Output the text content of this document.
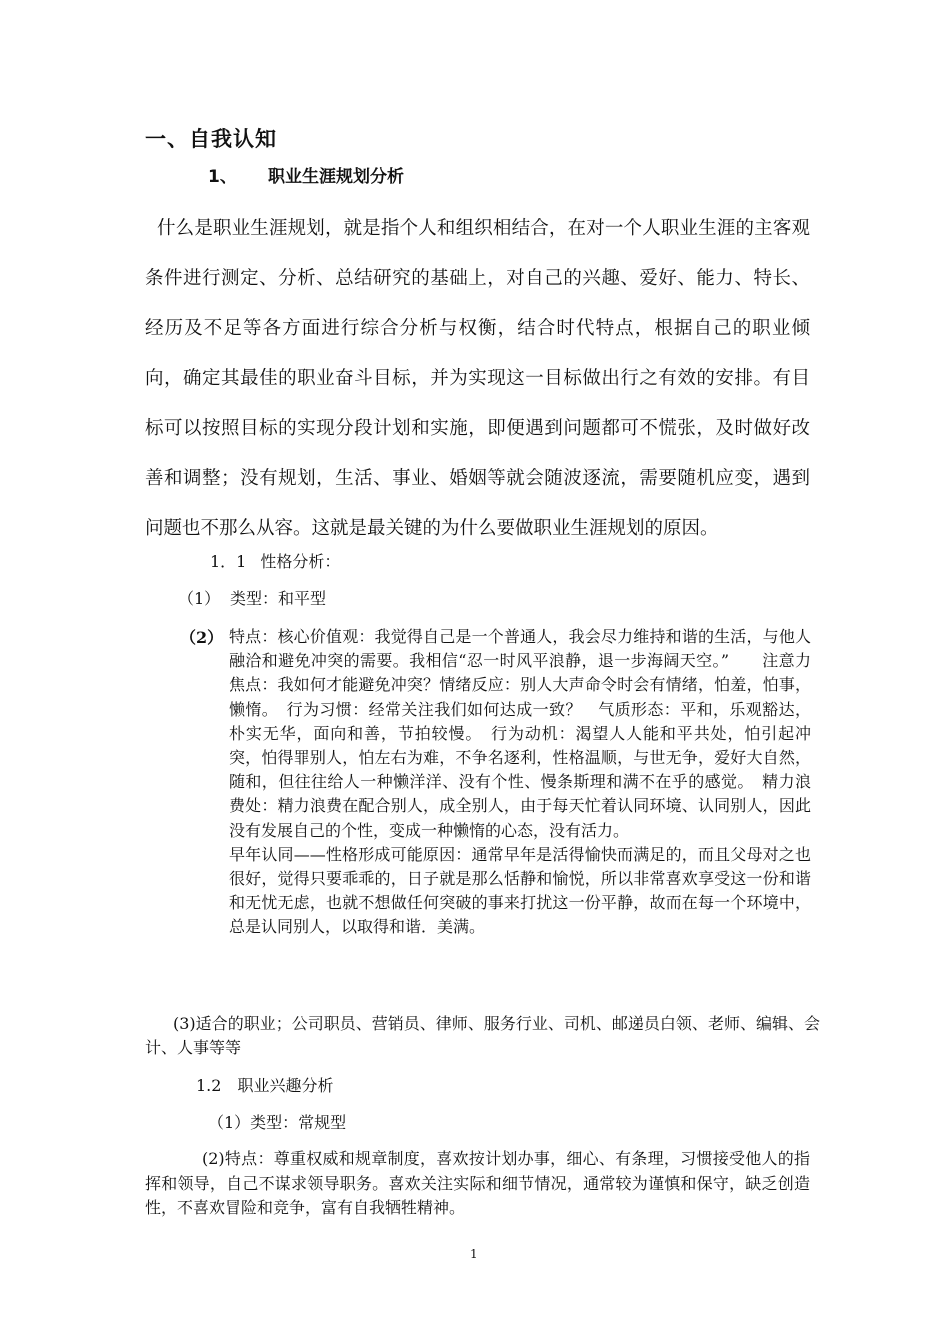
一、自我认知
1、 职业生涯规划分析
什么是职业生涯规划，就是指个人和组织相结合，在对一个人职业生涯的主客观条件进行测定、分析、总结研究的基础上，对自己的兴趣、爱好、能力、特长、经历及不足等各方面进行综合分析与权衡，结合时代特点，根据自己的职业倾向，确定其最佳的职业奋斗目标，并为实现这一目标做出行之有效的安排。有目标可以按照目标的实现分段计划和实施，即便遇到问题都可不慌张，及时做好改善和调整；没有规划，生活、事业、婚姻等就会随波逐流，需要随机应变，遇到问题也不那么从容。这就是最关键的为什么要做职业生涯规划的原因。
1．1 性格分析：
（1） 类型：和平型
（2） 特点：核心价值观：我觉得自己是一个普通人，我会尽力维持和谐的生活，与他人融洽和避免冲突的需要。我相信“忍一时风平浪静，退一步海阔天空。”　　注意力焦点：我如何才能避免冲突？情绪反应：别人大声命令时会有情绪，怕羞，怕事，懒惰。　行为习惯：经常关注我们如何达成一致？　气质形态：平和，乐观豁达，朴实无华，面向和善，节拍较慢。　行为动机：渴望人人能和平共处，怕引起冲突，怕得罪别人，怕左右为难，不争名逐利，性格温顺，与世无争，爱好大自然，随和，但往往给人一种懒洋洋、没有个性、慢条斯理和满不在乎的感觉。　精力浪费处：精力浪费在配合别人，成全别人，由于每天忙着认同环境、认同别人，因此没有发展自己的个性，变成一种懒惰的心态，没有活力。
早年认同——性格形成可能原因：通常早年是活得愉快而满足的，而且父母对之也很好，觉得只要乖乖的，日子就是那么恬静和愉悦，所以非常喜欢享受这一份和谐和无忧无虑，也就不想做任何突破的事来打扰这一份平静，故而在每一个环境中，总是认同别人，以取得和谐．美满。
(3)适合的职业；公司职员、营销员、律师、服务行业、司机、邮递员白领、老师、编辑、会计、人事等等
1.2 职业兴趣分析
（1）类型：常规型
(2)特点：尊重权威和规章制度，喜欢按计划办事，细心、有条理，习惯接受他人的指挥和领导，自己不谋求领导职务。喜欢关注实际和细节情况，通常较为谨慎和保守，缺乏创造性，不喜欢冒险和竞争，富有自我牺牲精神。
1
